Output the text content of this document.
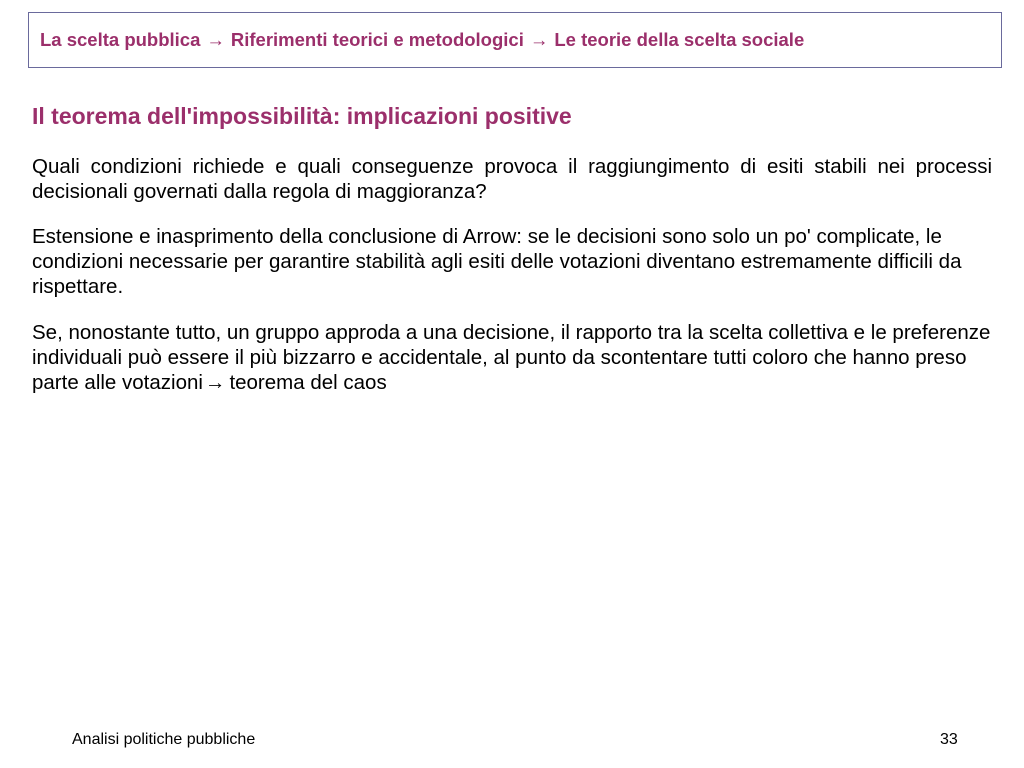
La scelta pubblica → Riferimenti teorici e metodologici → Le teorie della scelta sociale
Il teorema dell'impossibilità: implicazioni positive

Quali condizioni richiede e quali conseguenze provoca il raggiungimento di esiti stabili nei processi decisionali governati dalla regola di maggioranza?

Estensione e inasprimento della conclusione di Arrow: se le decisioni sono solo un po' complicate, le condizioni necessarie per garantire stabilità agli esiti delle votazioni diventano estremamente difficili da rispettare.

Se, nonostante tutto, un gruppo approda a una decisione, il rapporto tra la scelta collettiva e le preferenze individuali può essere il più bizzarro e accidentale, al punto da scontentare tutti coloro che hanno preso parte alle votazioni→ teorema del caos

Analisi politiche pubbliche	33
